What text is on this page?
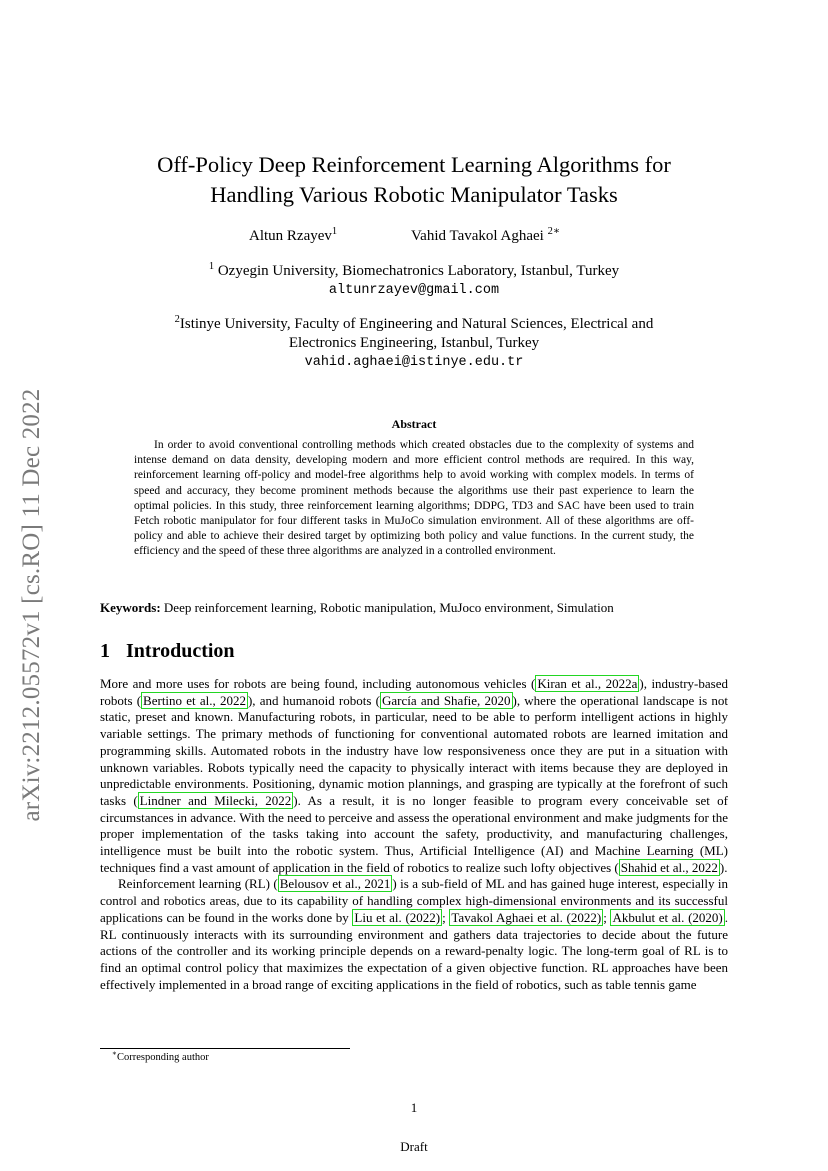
arXiv:2212.05572v1 [cs.RO] 11 Dec 2022
Off-Policy Deep Reinforcement Learning Algorithms for
Handling Various Robotic Manipulator Tasks
Altun Rzayev$^1$	Vahid Tavakol Aghaei $^{2∗}$
$^1$ Ozyegin University, Biomechatronics Laboratory, Istanbul, Turkey
altunrzayev@gmail.com
$^2$Istinye University, Faculty of Engineering and Natural Sciences, Electrical and
Electronics Engineering, Istanbul, Turkey
vahid.aghaei@istinye.edu.tr
Abstract

In order to avoid conventional controlling methods which created obstacles due to the complexity of systems and intense demand on data density, developing modern and more efficient control methods are required. In this way, reinforcement learning off-policy and model-free algorithms help to avoid working with complex models. In terms of speed and accuracy, they become prominent methods because the algorithms use their past experience to learn the optimal policies. In this study, three reinforcement learning algorithms; DDPG, TD3 and SAC have been used to train Fetch robotic manipulator for four different tasks in MuJoCo simulation environment. All of these algorithms are off-policy and able to achieve their desired target by optimizing both policy and value functions. In the current study, the efficiency and the speed of these three algorithms are analyzed in a controlled environment.

Keywords: Deep reinforcement learning, Robotic manipulation, MuJoco environment, Simulation

1 Introduction

More and more uses for robots are being found, including autonomous vehicles ( Kiran et al., 2022a ), industry-based robots ( Bertino et al., 2022 ), and humanoid robots ( García and Shafie, 2020 ), where the operational landscape is not static, preset and known. Manufacturing robots, in particular, need to be able to perform intelligent actions in highly variable settings. The primary methods of functioning for conventional automated robots are learned imitation and programming skills. Automated robots in the industry have low responsiveness once they are put in a situation with unknown variables. Robots typically need the capacity to physically interact with items because they are deployed in unpredictable environments. Positioning, dynamic motion plannings, and grasping are typically at the forefront of such tasks ( Lindner and Milecki, 2022 ). As a result, it is no longer feasible to program every conceivable set of circumstances in advance. With the need to perceive and assess the operational environment and make judgments for the proper implementation of the tasks taking into account the safety, productivity, and manufacturing challenges, intelligence must be built into the robotic system. Thus, Artificial Intelligence (AI) and Machine Learning (ML) techniques find a vast amount of application in the field of robotics to realize such lofty objectives ( Shahid et al., 2022 ).

Reinforcement learning (RL) ( Belousov et al., 2021 ) is a sub-field of ML and has gained huge interest, especially in control and robotics areas, due to its capability of handling complex high-dimensional environments and its successful applications can be found in the works done by Liu et al. (2022) ; Tavakol Aghaei et al. (2022) ; Akbulut et al. (2020) . RL continuously interacts with its surrounding environment and gathers data trajectories to decide about the future actions of the controller and its working principle depends on a reward-penalty logic. The long-term goal of RL is to find an optimal control policy that maximizes the expectation of a given objective function. RL approaches have been effectively implemented in a broad range of exciting applications in the field of robotics, such as table tennis game

∗Corresponding author
1
Draft
